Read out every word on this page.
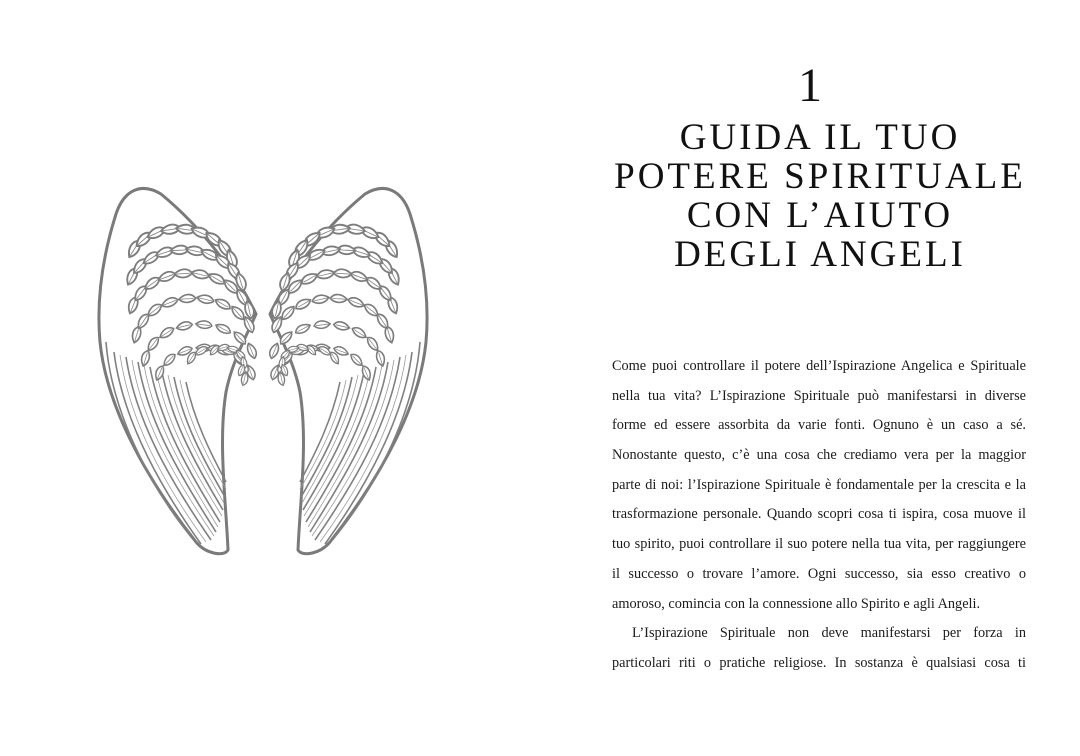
1
GUIDA IL TUO
POTERE SPIRITUALE
CON L’AIUTO
DEGLI ANGELI

Come puoi controllare il potere dell’Ispirazione Angelica e Spirituale

nella tua vita? L’Ispirazione Spirituale può manifestarsi in diverse

forme ed essere assorbita da varie fonti. Ognuno è un caso a sé.

Nonostante questo, c’è una cosa che crediamo vera per la maggior

parte di noi: l’Ispirazione Spirituale è fondamentale per la crescita e la

trasformazione personale. Quando scopri cosa ti ispira, cosa muove il

tuo spirito, puoi controllare il suo potere nella tua vita, per raggiungere

il successo o trovare l’amore. Ogni successo, sia esso creativo o

amoroso, comincia con la connessione allo Spirito e agli Angeli.

L’Ispirazione Spirituale non deve manifestarsi per forza in

particolari riti o pratiche religiose. In sostanza è qualsiasi cosa ti
